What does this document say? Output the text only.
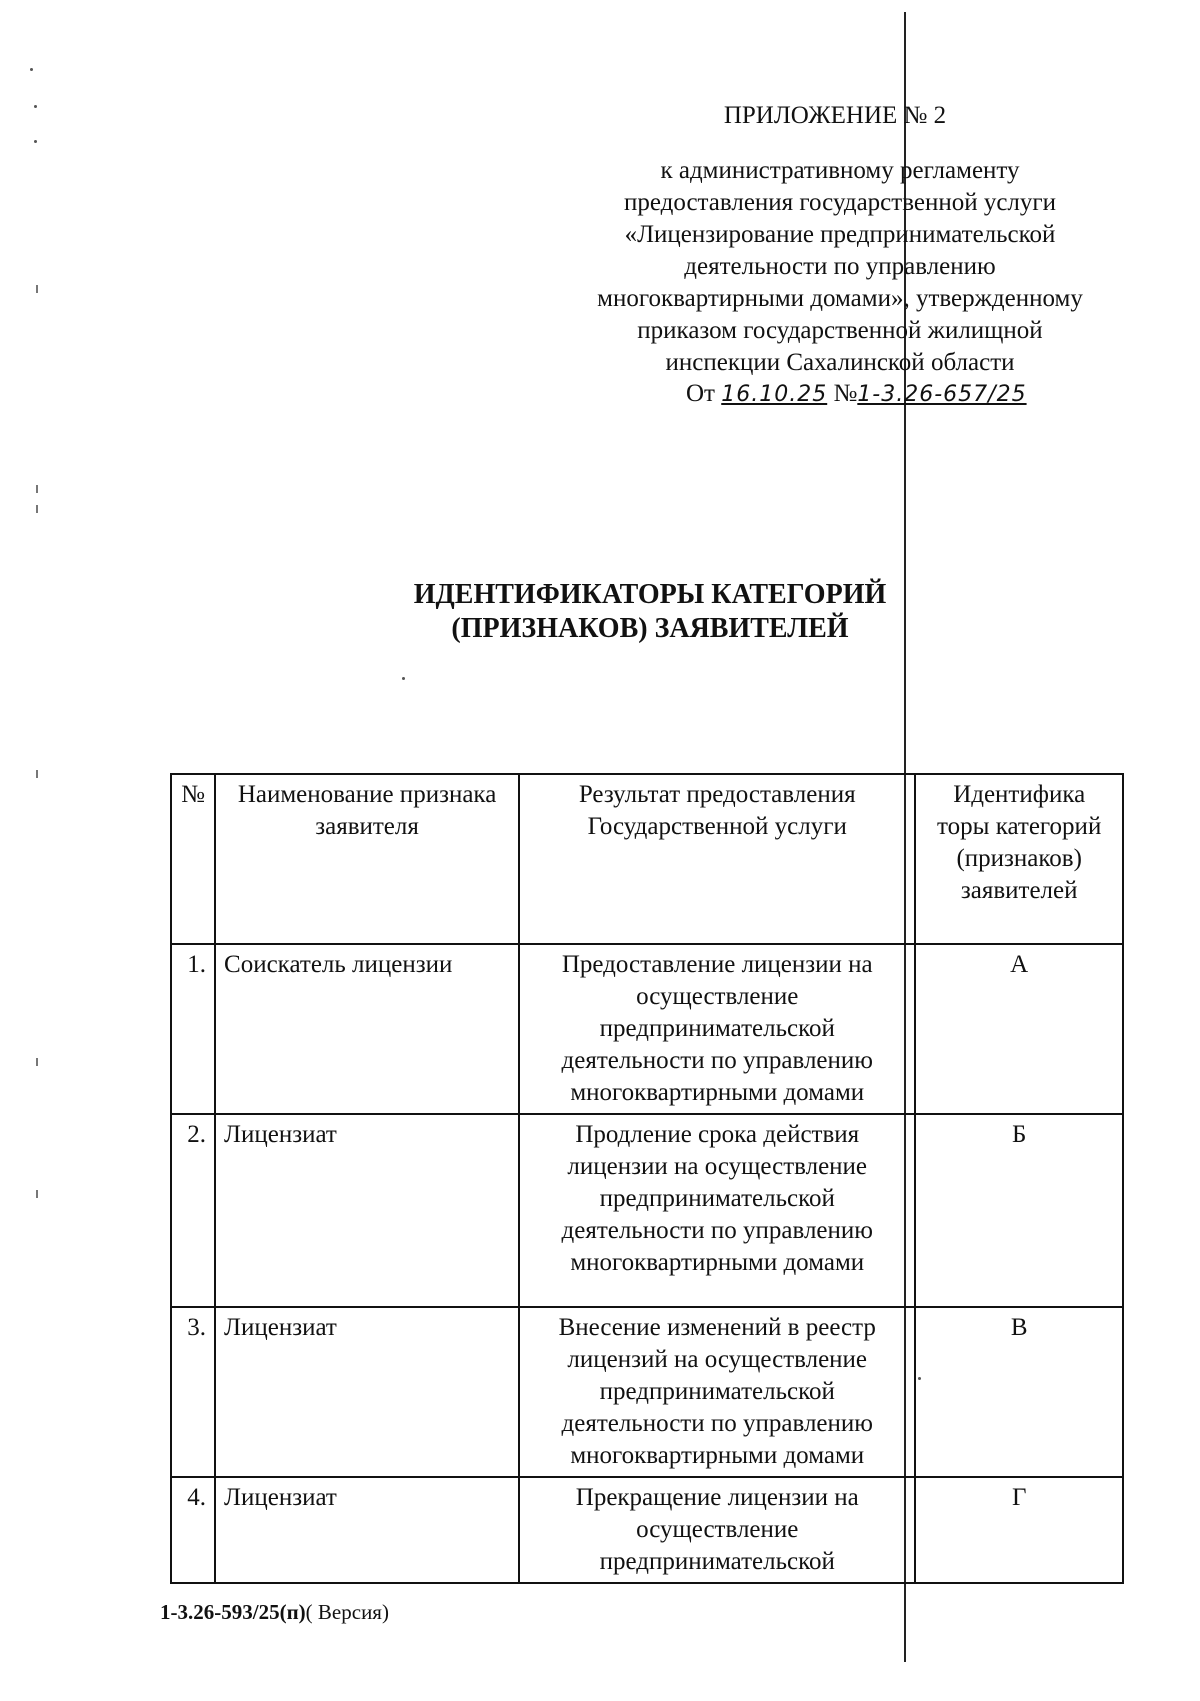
ПРИЛОЖЕНИЕ № 2
к административному регламенту
предоставления государственной услуги
«Лицензирование предпринимательской
деятельности по управлению
многоквартирными домами», утвержденному
приказом государственной жилищной
инспекции Сахалинской области
От 16.10.25 №1-3.26-657/25
ИДЕНТИФИКАТОРЫ КАТЕГОРИЙ
(ПРИЗНАКОВ) ЗАЯВИТЕЛЕЙ
№	Наименование признака заявителя	Результат предоставления Государственной услуги	Идентифика торы категорий (признаков) заявителей
1.	Соискатель лицензии	Предоставление лицензии на осуществление предпринимательской деятельности по управлению многоквартирными домами	А
2.	Лицензиат	Продление срока действия лицензии на осуществление предпринимательской деятельности по управлению многоквартирными домами	Б
3.	Лицензиат	Внесение изменений в реестр лицензий на осуществление предпринимательской деятельности по управлению многоквартирными домами	В
4.	Лицензиат	Прекращение лицензии на осуществление предпринимательской	Г
1-3.26-593/25(п)( Версия)
